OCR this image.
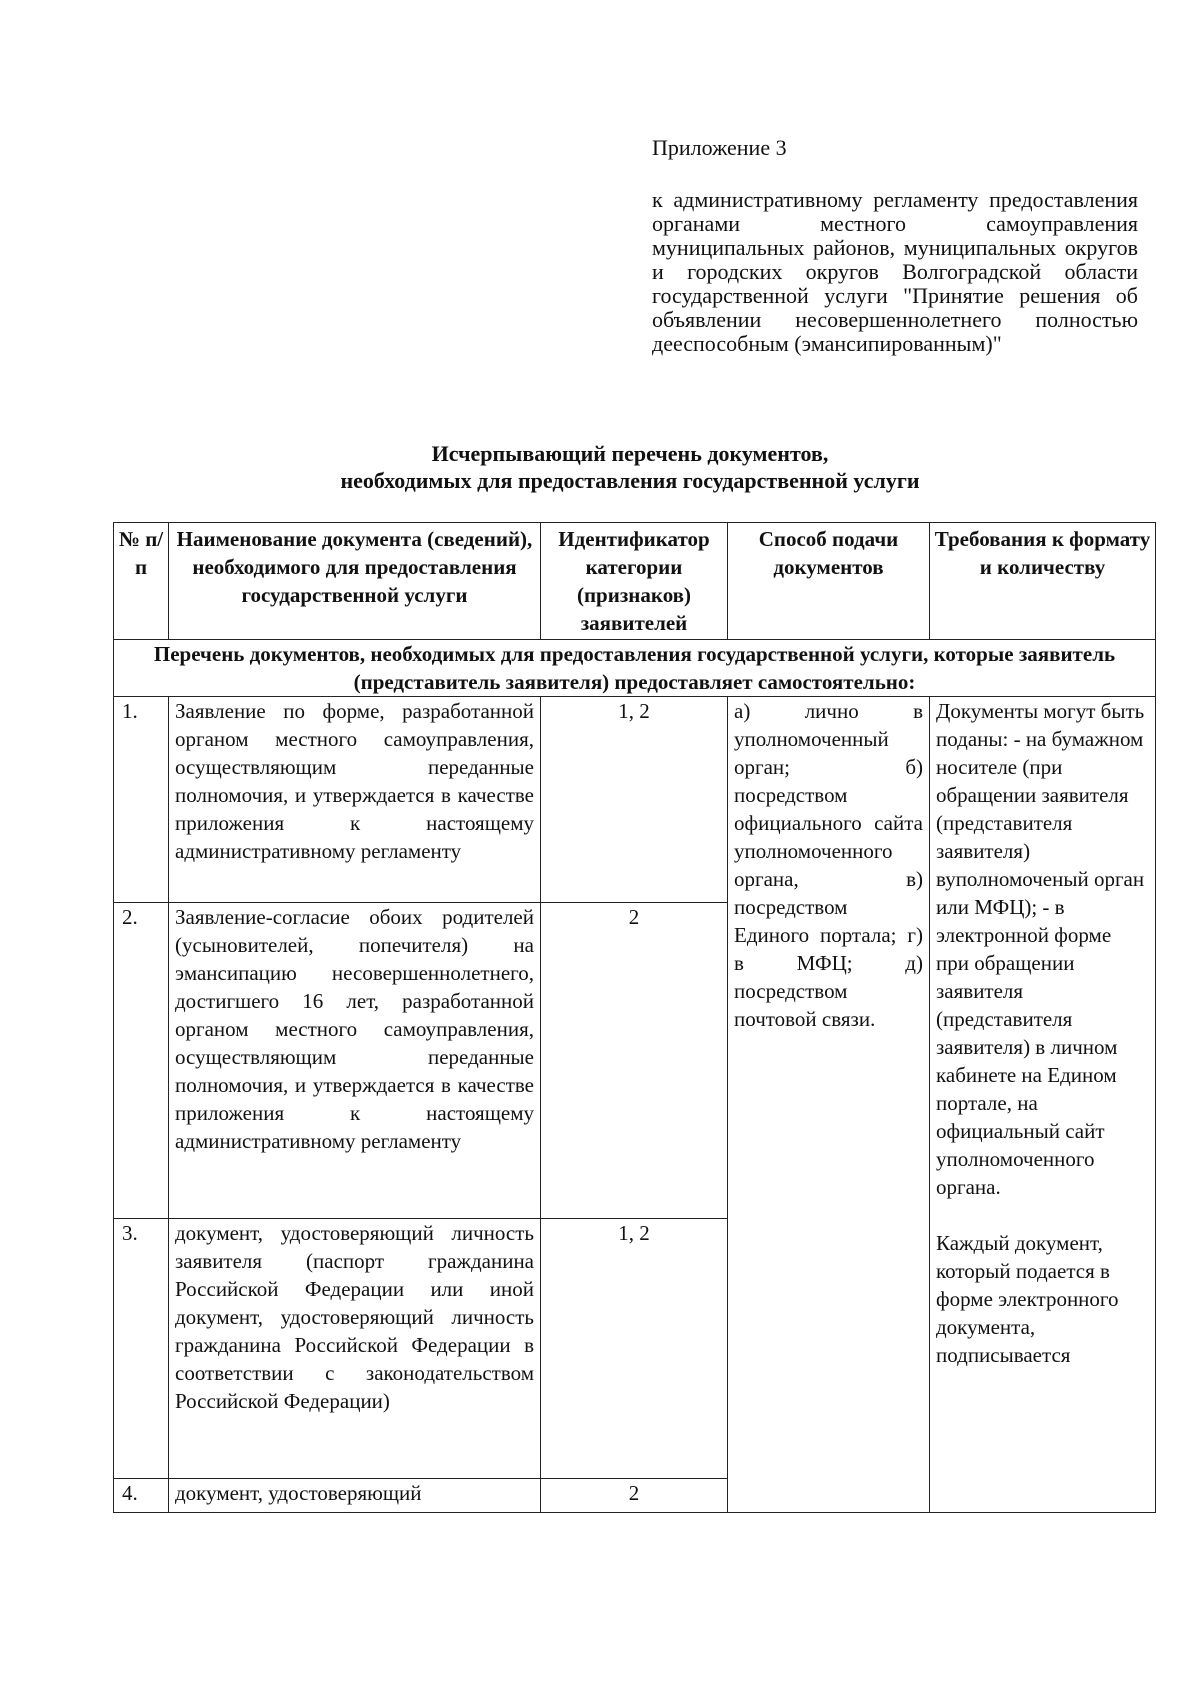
Приложение 3

к административному регламенту предоставления органами местного самоуправления муниципальных районов, муниципальных округов и городских округов Волгоградской области государственной услуги "Принятие решения об объявлении несовершеннолетнего полностью дееспособным (эмансипированным)"

Исчерпывающий перечень документов,
необходимых для предоставления государственной услуги
№ п/п	Наименование документа (сведений), необходимого для предоставления государственной услуги	Идентификатор категории (признаков) заявителей	Способ подачи документов	Требования к формату и количеству
Перечень документов, необходимых для предоставления государственной услуги, которые заявитель (представитель заявителя) предоставляет самостоятельно:				
1.	Заявление по форме, разработанной органом местного самоуправления, осуществляющим переданные полномочия, и утверждается в качестве приложения к настоящему административному регламенту	1, 2	а) лично в уполномоченный орган; б) посредством официального сайта уполномоченного органа, в) посредством Единого портала; г) в МФЦ; д) посредством почтовой связи.	Документы могут быть поданы: - на бумажном носителе (при обращении заявителя (представителя заявителя) вуполномоченый орган или МФЦ); - в электронной форме при обращении заявителя (представителя заявителя) в личном кабинете на Едином портале, на официальный сайт уполномоченного органа.

Каждый документ, который подается в форме электронного документа, подписывается

2.	Заявление-согласие обоих родителей (усыновителей, попечителя) на эмансипацию несовершеннолетнего, достигшего 16 лет, разработанной органом местного самоуправления, осуществляющим переданные полномочия, и утверждается в качестве приложения к настоящему административному регламенту	2		
3.	документ, удостоверяющий личность заявителя (паспорт гражданина Российской Федерации или иной документ, удостоверяющий личность гражданина Российской Федерации в соответствии с законодательством Российской Федерации)	1, 2		
4.	документ, удостоверяющий	2		
